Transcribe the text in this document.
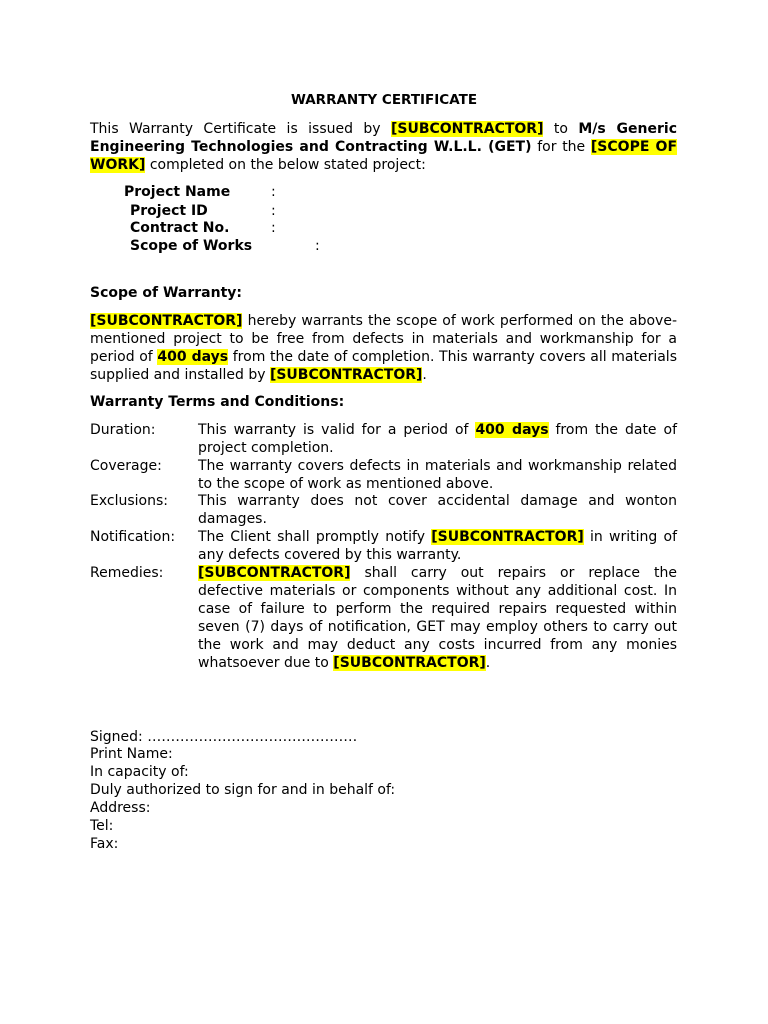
WARRANTY CERTIFICATE
This Warranty Certificate is issued by [SUBCONTRACTOR] to M/s Generic Engineering Technologies and Contracting W.L.L. (GET) for the [SCOPE OF WORK] completed on the below stated project:
Project Name	:
Project ID	:
Contract No.	:
Scope of Works	:
Scope of Warranty:
[SUBCONTRACTOR] hereby warrants the scope of work performed on the above-mentioned project to be free from defects in materials and workmanship for a period of 400 days from the date of completion. This warranty covers all materials supplied and installed by [SUBCONTRACTOR].
Warranty Terms and Conditions:
Duration:	This warranty is valid for a period of 400 days from the date of project completion.
Coverage:	The warranty covers defects in materials and workmanship related to the scope of work as mentioned above.
Exclusions: This warranty does not cover accidental damage and wonton damages.
Notification: The Client shall promptly notify [SUBCONTRACTOR] in writing of any defects covered by this warranty.
Remedies: [SUBCONTRACTOR] shall carry out repairs or replace the defective materials or components without any additional cost. In case of failure to perform the required repairs requested within seven (7) days of notification, GET may employ others to carry out the work and may deduct any costs incurred from any monies whatsoever due to [SUBCONTRACTOR].
Signed: ………………………………………
Print Name:
In capacity of:
Duly authorized to sign for and in behalf of:
Address:
Tel:
Fax:
